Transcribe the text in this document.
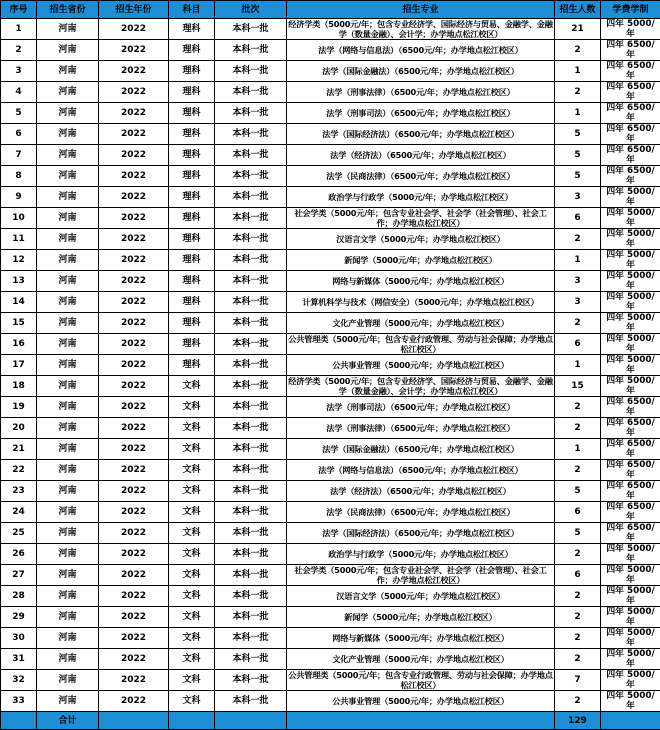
序号	招生省份	招生年份	科目	批次	招生专业	招生人数	学费学制
1	河南	2022	理科	本科一批	经济学类（5000元/年；包含专业经济学、国际经济与贸易、金融学、金融学（数量金融）、会计学；办学地点松江校区）	21	四年 5000/年
2	河南	2022	理科	本科一批	法学（网络与信息法）（6500元/年；办学地点松江校区）	2	四年 6500/年
3	河南	2022	理科	本科一批	法学（国际金融法）（6500元/年；办学地点松江校区）	1	四年 6500/年
4	河南	2022	理科	本科一批	法学（刑事法律）（6500元/年；办学地点松江校区）	2	四年 6500/年
5	河南	2022	理科	本科一批	法学（刑事司法）（6500元/年；办学地点松江校区）	1	四年 6500/年
6	河南	2022	理科	本科一批	法学（国际经济法）（6500元/年；办学地点松江校区）	5	四年 6500/年
7	河南	2022	理科	本科一批	法学（经济法）（6500元/年；办学地点松江校区）	5	四年 6500/年
8	河南	2022	理科	本科一批	法学（民商法律）（6500元/年；办学地点松江校区）	5	四年 6500/年
9	河南	2022	理科	本科一批	政治学与行政学（5000元/年；办学地点松江校区）	3	四年 5000/年
10	河南	2022	理科	本科一批	社会学类（5000元/年；包含专业社会学、社会学（社会管理）、社会工作；办学地点松江校区）	6	四年 5000/年
11	河南	2022	理科	本科一批	汉语言文学（5000元/年；办学地点松江校区）	2	四年 5000/年
12	河南	2022	理科	本科一批	新闻学（5000元/年；办学地点松江校区）	1	四年 5000/年
13	河南	2022	理科	本科一批	网络与新媒体（5000元/年；办学地点松江校区）	3	四年 5000/年
14	河南	2022	理科	本科一批	计算机科学与技术（网信安全）（5000元/年；办学地点松江校区）	3	四年 5000/年
15	河南	2022	理科	本科一批	文化产业管理（5000元/年；办学地点松江校区）	2	四年 5000/年
16	河南	2022	理科	本科一批	公共管理类（5000元/年；包含专业行政管理、劳动与社会保障；办学地点松江校区）	6	四年 5000/年
17	河南	2022	理科	本科一批	公共事业管理（5000元/年；办学地点松江校区）	1	四年 5000/年
18	河南	2022	文科	本科一批	经济学类（5000元/年；包含专业经济学、国际经济与贸易、金融学、金融学（数量金融）、会计学；办学地点松江校区）	15	四年 5000/年
19	河南	2022	文科	本科一批	法学（刑事司法）（6500元/年；办学地点松江校区）	2	四年 6500/年
20	河南	2022	文科	本科一批	法学（刑事法律）（6500元/年；办学地点松江校区）	2	四年 6500/年
21	河南	2022	文科	本科一批	法学（国际金融法）（6500元/年；办学地点松江校区）	1	四年 6500/年
22	河南	2022	文科	本科一批	法学（网络与信息法）（6500元/年；办学地点松江校区）	2	四年 6500/年
23	河南	2022	文科	本科一批	法学（经济法）（6500元/年；办学地点松江校区）	5	四年 6500/年
24	河南	2022	文科	本科一批	法学（民商法律）（6500元/年；办学地点松江校区）	6	四年 6500/年
25	河南	2022	文科	本科一批	法学（国际经济法）（6500元/年；办学地点松江校区）	5	四年 6500/年
26	河南	2022	文科	本科一批	政治学与行政学（5000元/年；办学地点松江校区）	2	四年 5000/年
27	河南	2022	文科	本科一批	社会学类（5000元/年；包含专业社会学、社会学（社会管理）、社会工作；办学地点松江校区）	6	四年 5000/年
28	河南	2022	文科	本科一批	汉语言文学（5000元/年；办学地点松江校区）	2	四年 5000/年
29	河南	2022	文科	本科一批	新闻学（5000元/年；办学地点松江校区）	2	四年 5000/年
30	河南	2022	文科	本科一批	网络与新媒体（5000元/年；办学地点松江校区）	2	四年 5000/年
31	河南	2022	文科	本科一批	文化产业管理（5000元/年；办学地点松江校区）	2	四年 5000/年
32	河南	2022	文科	本科一批	公共管理类（5000元/年；包含专业行政管理、劳动与社会保障；办学地点松江校区）	7	四年 5000/年
33	河南	2022	文科	本科一批	公共事业管理（5000元/年；办学地点松江校区）	2	四年 5000/年
	合计					129	
